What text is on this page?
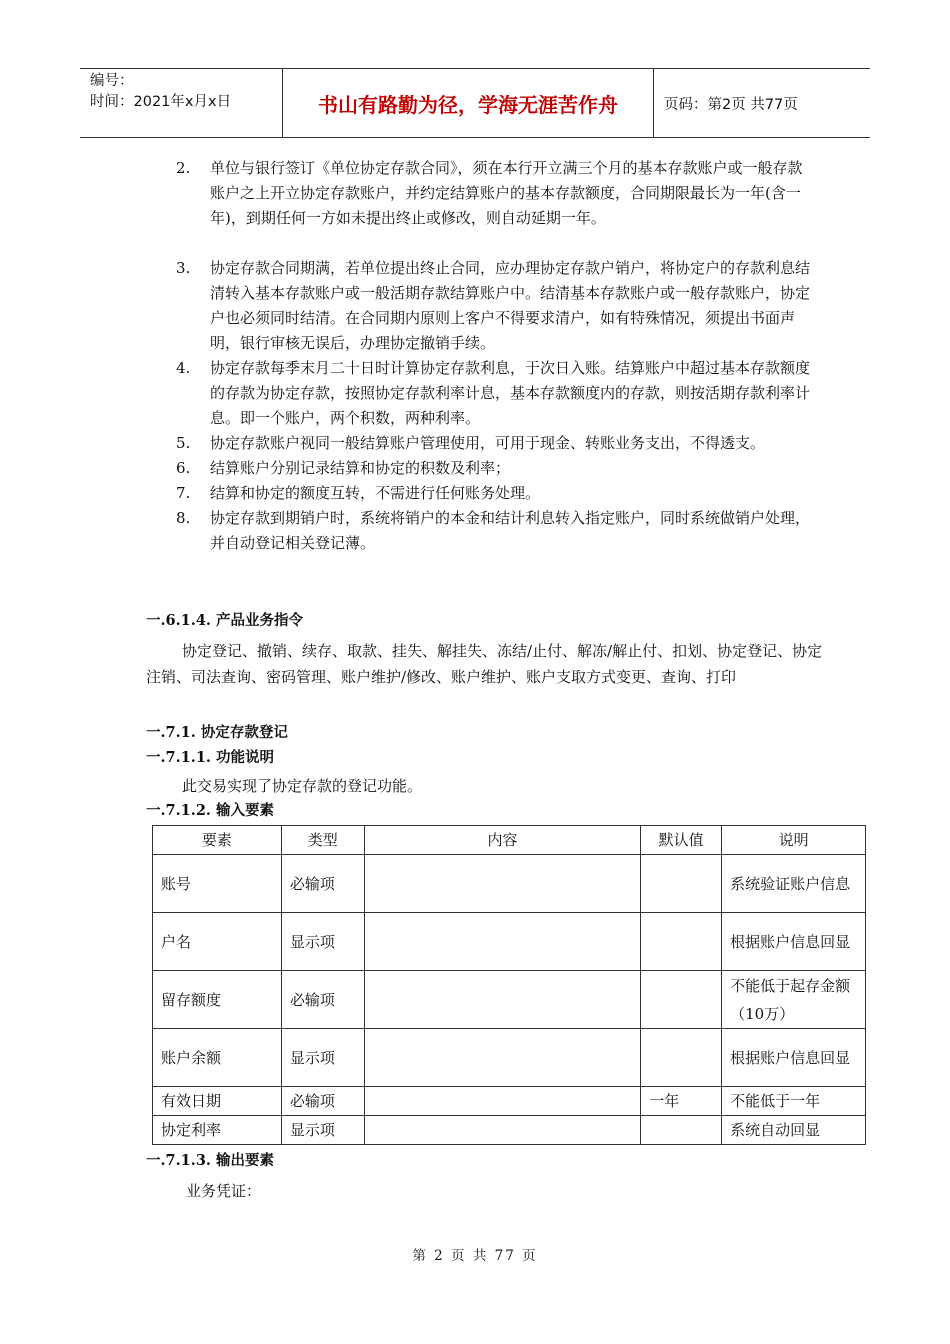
编号：
时间：2021年x月x日	书山有路勤为径，学海无涯苦作舟	页码：第2页 共77页
2.	单位与银行签订《单位协定存款合同》，须在本行开立满三个月的基本存款账户或一般存款账户之上开立协定存款账户，并约定结算账户的基本存款额度，合同期限最长为一年(含一年)，到期任何一方如未提出终止或修改，则自动延期一年。
3.	协定存款合同期满，若单位提出终止合同，应办理协定存款户销户，将协定户的存款利息结清转入基本存款账户或一般活期存款结算账户中。结清基本存款账户或一般存款账户，协定户也必须同时结清。在合同期内原则上客户不得要求清户，如有特殊情况，须提出书面声明，银行审核无误后，办理协定撤销手续。
4.	协定存款每季末月二十日时计算协定存款利息，于次日入账。结算账户中超过基本存款额度的存款为协定存款，按照协定存款利率计息，基本存款额度内的存款，则按活期存款利率计息。即一个账户，两个积数，两种利率。
5.	协定存款账户视同一般结算账户管理使用，可用于现金、转账业务支出，不得透支。
6.	结算账户分别记录结算和协定的积数及利率；
7.	结算和协定的额度互转，不需进行任何账务处理。
8.	协定存款到期销户时，系统将销户的本金和结计利息转入指定账户，同时系统做销户处理，并自动登记相关登记薄。
一.6.1.4. 产品业务指令
协定登记、撤销、续存、取款、挂失、解挂失、冻结/止付、解冻/解止付、扣划、协定登记、协定注销、司法查询、密码管理、账户维护/修改、账户维护、账户支取方式变更、查询、打印
一.7.1. 协定存款登记
一.7.1.1. 功能说明
此交易实现了协定存款的登记功能。
一.7.1.2. 输入要素
要素	类型	内容	默认值	说明
账号	必输项			系统验证账户信息
户名	显示项			根据账户信息回显
留存额度	必输项			不能低于起存金额（10万）
账户余额	显示项			根据账户信息回显
有效日期	必输项		一年	不能低于一年
协定利率	显示项			系统自动回显
一.7.1.3. 输出要素
业务凭证：
第 2 页 共 77 页
